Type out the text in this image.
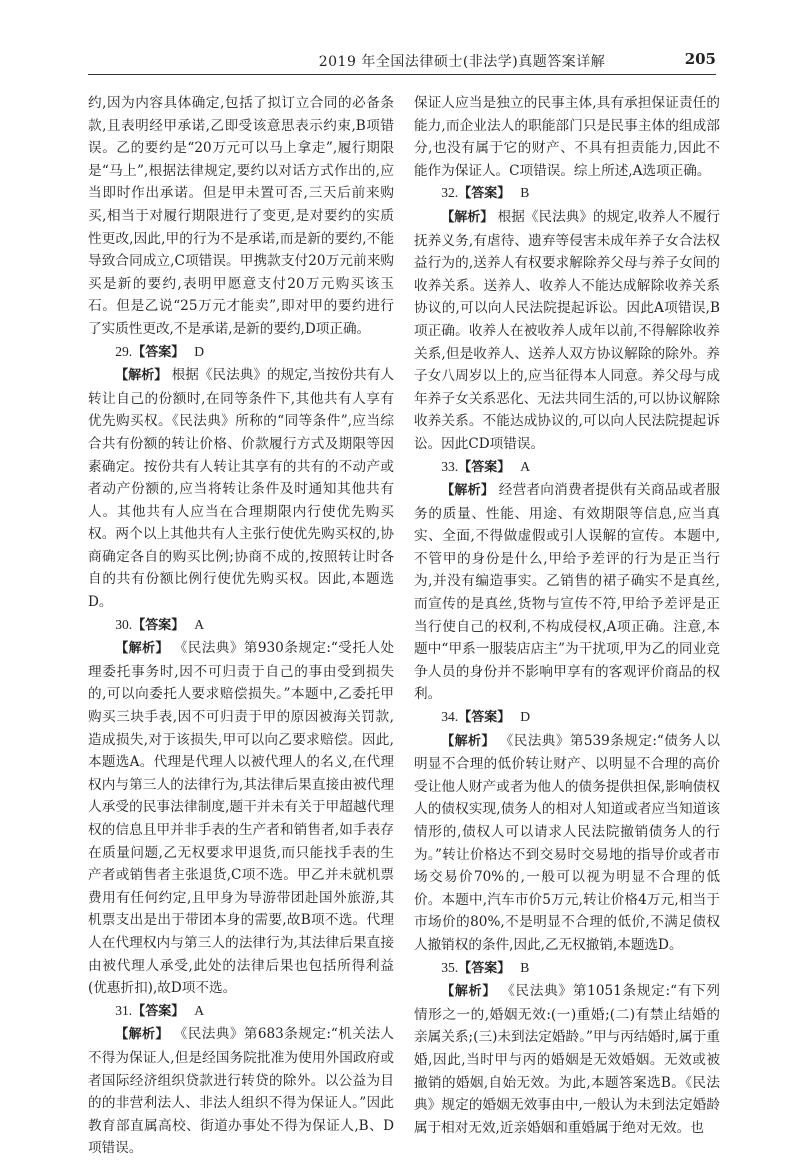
2019 年全国法律硕士(非法学)真题答案详解	205

约,因为内容具体确定,包括了拟订立合同的必备条款,且表明经甲承诺,乙即受该意思表示约束,B项错误。乙的要约是“20万元可以马上拿走”,履行期限是“马上”,根据法律规定,要约以对话方式作出的,应当即时作出承诺。但是甲未置可否,三天后前来购买,相当于对履行期限进行了变更,是对要约的实质性更改,因此,甲的行为不是承诺,而是新的要约,不能导致合同成立,C项错误。甲携款支付20万元前来购买是新的要约,表明甲愿意支付20万元购买该玉石。但是乙说“25万元才能卖”,即对甲的要约进行了实质性更改,不是承诺,是新的要约,D项正确。

29.【答案】 D

【解析】 根据《民法典》的规定,当按份共有人转让自己的份额时,在同等条件下,其他共有人享有优先购买权。《民法典》所称的“同等条件”,应当综合共有份额的转让价格、价款履行方式及期限等因素确定。按份共有人转让其享有的共有的不动产或者动产份额的,应当将转让条件及时通知其他共有人。其他共有人应当在合理期限内行使优先购买权。两个以上其他共有人主张行使优先购买权的,协商确定各自的购买比例;协商不成的,按照转让时各自的共有份额比例行使优先购买权。因此,本题选D。

30.【答案】 A

【解析】 《民法典》第930条规定:“受托人处理委托事务时,因不可归责于自己的事由受到损失的,可以向委托人要求赔偿损失。”本题中,乙委托甲购买三块手表,因不可归责于甲的原因被海关罚款,造成损失,对于该损失,甲可以向乙要求赔偿。因此,本题选A。代理是代理人以被代理人的名义,在代理权内与第三人的法律行为,其法律后果直接由被代理人承受的民事法律制度,题干并未有关于甲超越代理权的信息且甲并非手表的生产者和销售者,如手表存在质量问题,乙无权要求甲退货,而只能找手表的生产者或销售者主张退货,C项不选。甲乙并未就机票费用有任何约定,且甲身为导游带团赴国外旅游,其机票支出是出于带团本身的需要,故B项不选。代理人在代理权内与第三人的法律行为,其法律后果直接由被代理人承受,此处的法律后果也包括所得利益(优惠折扣),故D项不选。

31.【答案】 A

【解析】 《民法典》第683条规定:“机关法人不得为保证人,但是经国务院批准为使用外国政府或者国际经济组织贷款进行转贷的除外。以公益为目的的非营利法人、非法人组织不得为保证人。”因此教育部直属高校、街道办事处不得为保证人,B、D项错误。

保证人应当是独立的民事主体,具有承担保证责任的能力,而企业法人的职能部门只是民事主体的组成部分,也没有属于它的财产、不具有担责能力,因此不能作为保证人。C项错误。综上所述,A选项正确。

32.【答案】 B

【解析】 根据《民法典》的规定,收养人不履行抚养义务,有虐待、遗弃等侵害未成年养子女合法权益行为的,送养人有权要求解除养父母与养子女间的收养关系。送养人、收养人不能达成解除收养关系协议的,可以向人民法院提起诉讼。因此A项错误,B项正确。收养人在被收养人成年以前,不得解除收养关系,但是收养人、送养人双方协议解除的除外。养子女八周岁以上的,应当征得本人同意。养父母与成年养子女关系恶化、无法共同生活的,可以协议解除收养关系。不能达成协议的,可以向人民法院提起诉讼。因此CD项错误。

33.【答案】 A

【解析】 经营者向消费者提供有关商品或者服务的质量、性能、用途、有效期限等信息,应当真实、全面,不得做虚假或引人误解的宣传。本题中,不管甲的身份是什么,甲给予差评的行为是正当行为,并没有编造事实。乙销售的裙子确实不是真丝,而宣传的是真丝,货物与宣传不符,甲给予差评是正当行使自己的权利,不构成侵权,A项正确。注意,本题中“甲系一服装店店主”为干扰项,甲为乙的同业竞争人员的身份并不影响甲享有的客观评价商品的权利。

34.【答案】 D

【解析】 《民法典》第539条规定:“债务人以明显不合理的低价转让财产、以明显不合理的高价受让他人财产或者为他人的债务提供担保,影响债权人的债权实现,债务人的相对人知道或者应当知道该情形的,债权人可以请求人民法院撤销债务人的行为。”转让价格达不到交易时交易地的指导价或者市场交易价70%的,一般可以视为明显不合理的低价。本题中,汽车市价5万元,转让价格4万元,相当于市场价的80%,不是明显不合理的低价,不满足债权人撤销权的条件,因此,乙无权撤销,本题选D。

35.【答案】 B

【解析】 《民法典》第1051条规定:“有下列情形之一的,婚姻无效:(一)重婚;(二)有禁止结婚的亲属关系;(三)未到法定婚龄。”甲与丙结婚时,属于重婚,因此,当时甲与丙的婚姻是无效婚姻。无效或被撤销的婚姻,自始无效。为此,本题答案选B。《民法典》规定的婚姻无效事由中,一般认为未到法定婚龄属于相对无效,近亲婚姻和重婚属于绝对无效。也
